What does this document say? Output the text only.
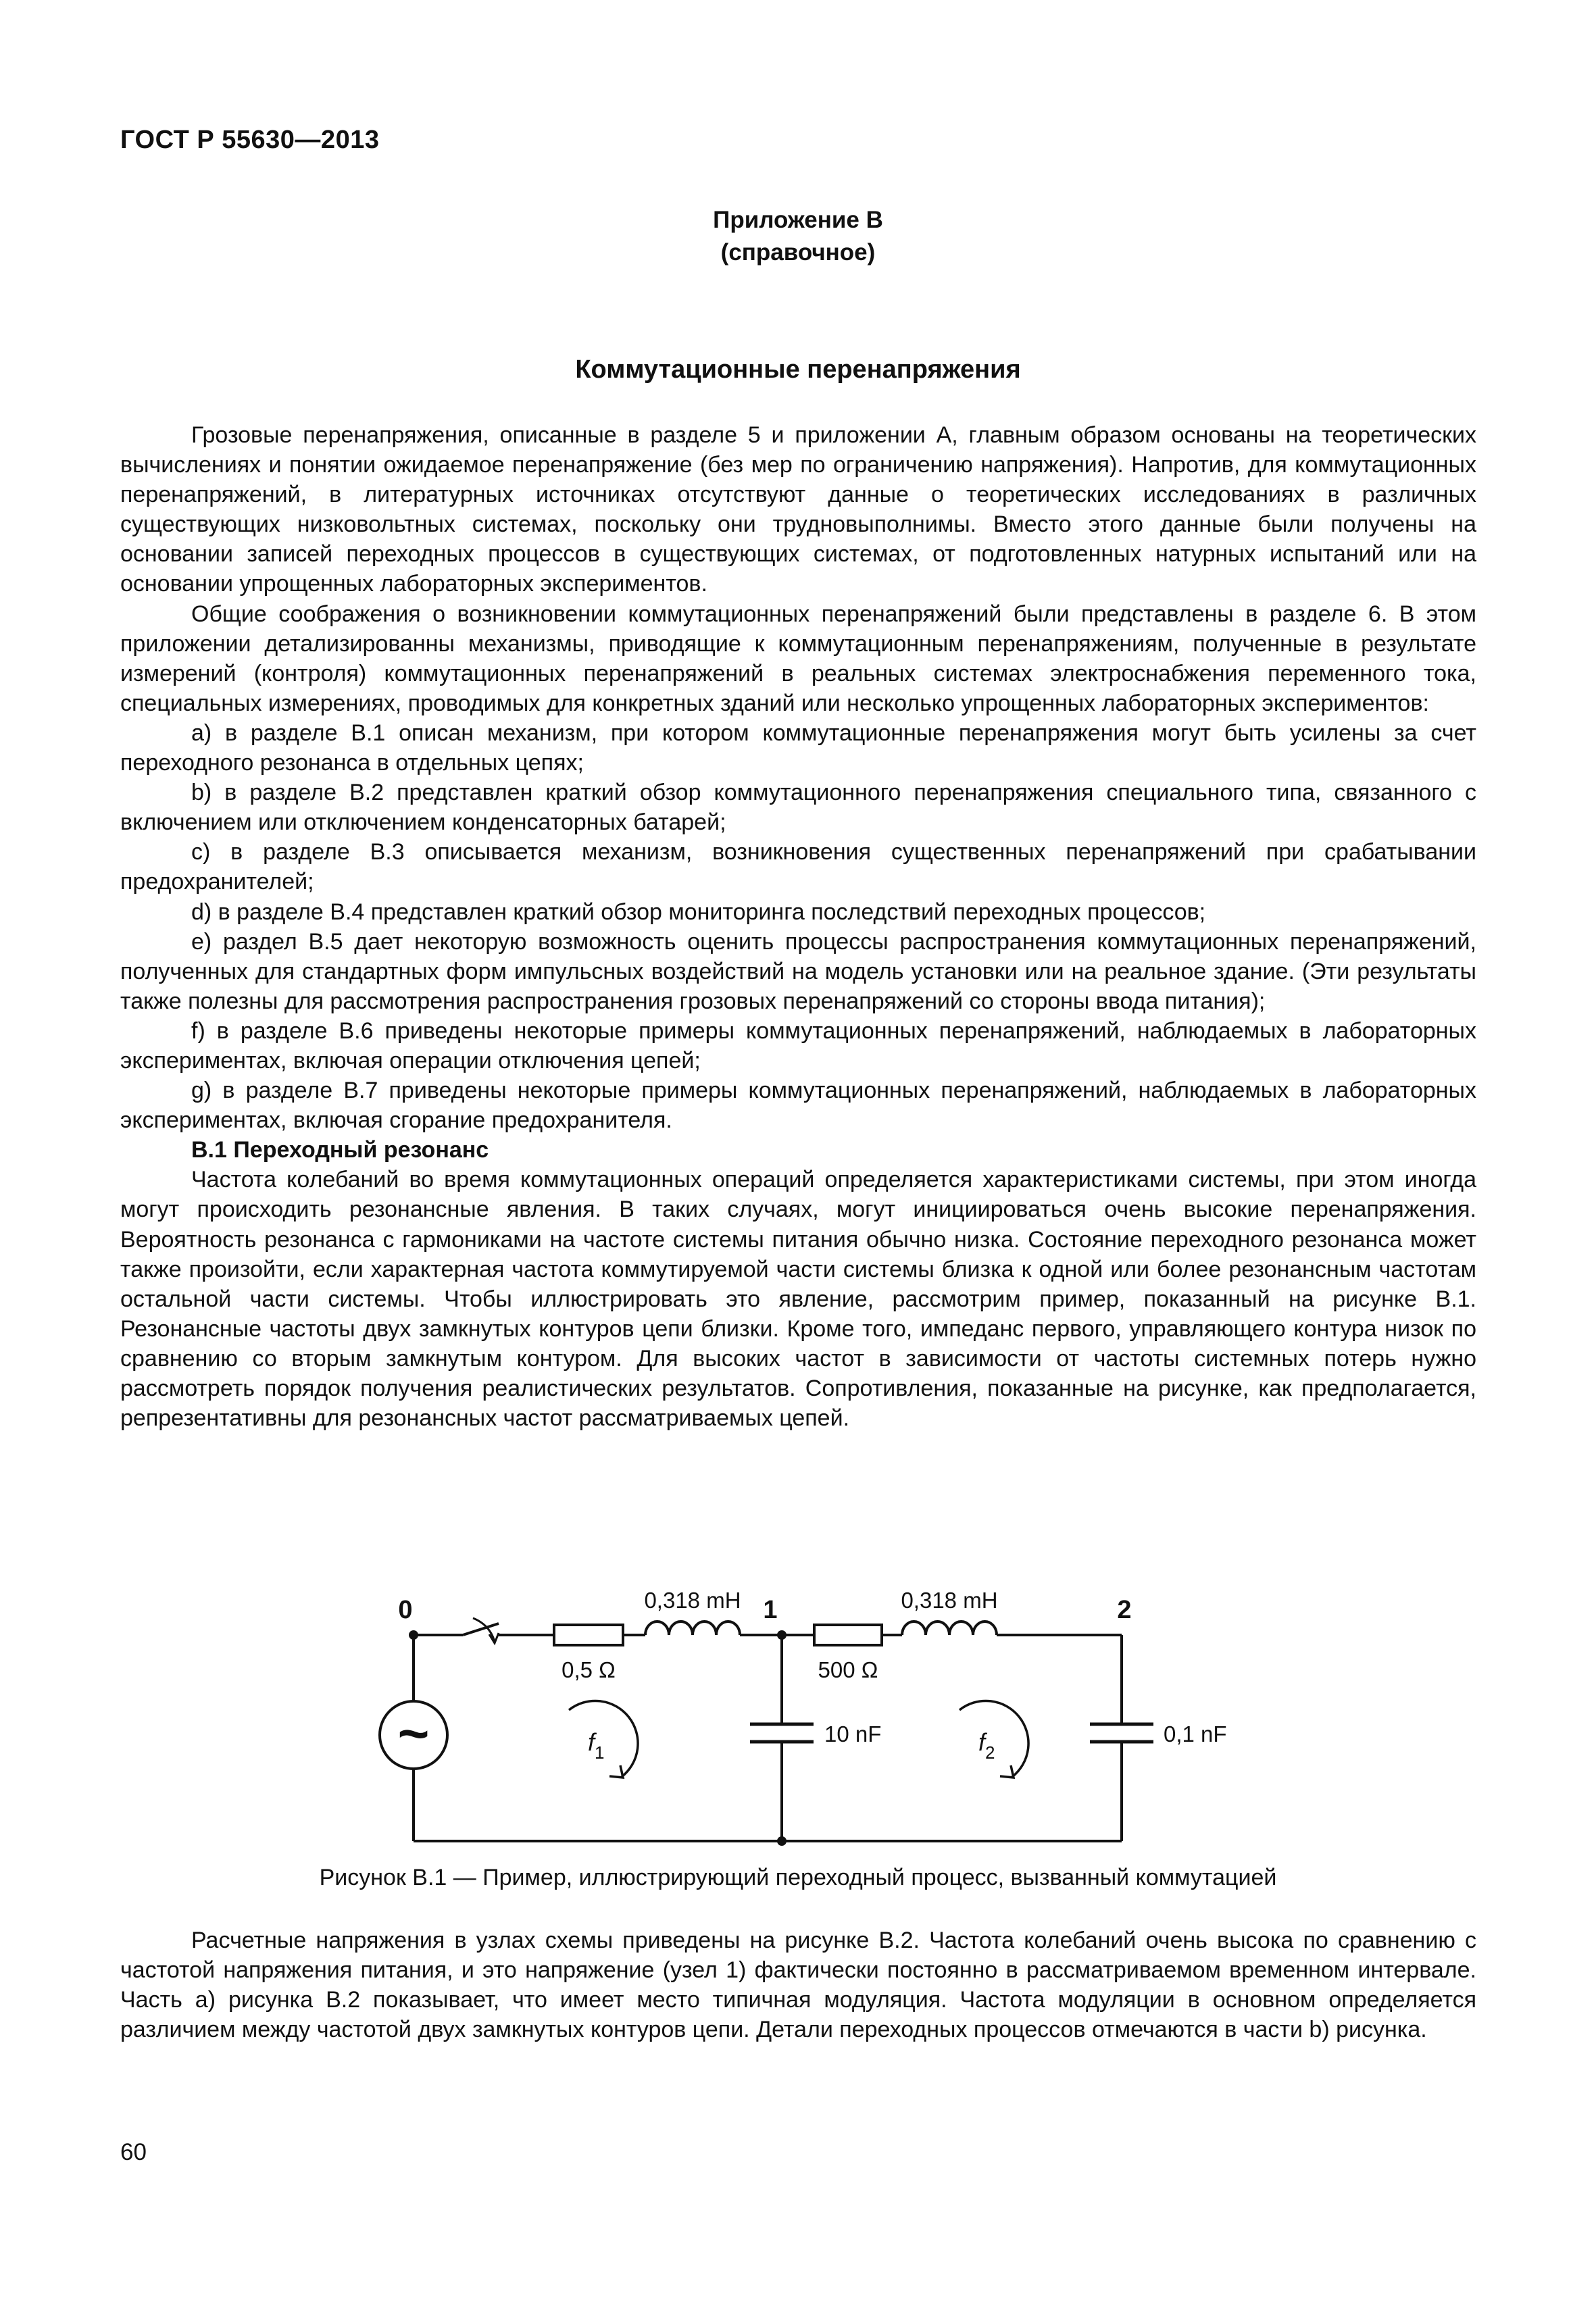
ГОСТ Р 55630—2013
Приложение В
(справочное)
Коммутационные перенапряжения

Грозовые перенапряжения, описанные в разделе 5 и приложении А, главным образом основаны на теоретических вычислениях и понятии ожидаемое перенапряжение (без мер по ограничению напряжения). Напротив, для коммутационных перенапряжений, в литературных источниках отсутствуют данные о теоретических исследованиях в различных существующих низковольтных системах, поскольку они трудновыполнимы. Вместо этого данные были получены на основании записей переходных процессов в существующих системах, от подготовленных натурных испытаний или на основании упрощенных лабораторных экспериментов.

Общие соображения о возникновении коммутационных перенапряжений были представлены в разделе 6. В этом приложении детализированны механизмы, приводящие к коммутационным перенапряжениям, полученные в результате измерений (контроля) коммутационных перенапряжений в реальных системах электроснабжения переменного тока, специальных измерениях, проводимых для конкретных зданий или несколько упрощенных лабораторных экспериментов:

a) в разделе В.1 описан механизм, при котором коммутационные перенапряжения могут быть усилены за счет переходного резонанса в отдельных цепях;

b) в разделе В.2 представлен краткий обзор коммутационного перенапряжения специального типа, связанного с включением или отключением конденсаторных батарей;

c) в разделе В.3 описывается механизм, возникновения существенных перенапряжений при срабатывании предохранителей;

d) в разделе В.4 представлен краткий обзор мониторинга последствий переходных процессов;

e) раздел В.5 дает некоторую возможность оценить процессы распространения коммутационных перенапряжений, полученных для стандартных форм импульсных воздействий на модель установки или на реальное здание. (Эти результаты также полезны для рассмотрения распространения грозовых перенапряжений со стороны ввода питания);

f) в разделе В.6 приведены некоторые примеры коммутационных перенапряжений, наблюдаемых в лабораторных экспериментах, включая операции отключения цепей;

g) в разделе В.7 приведены некоторые примеры коммутационных перенапряжений, наблюдаемых в лабораторных экспериментах, включая сгорание предохранителя.

В.1 Переходный резонанс

Частота колебаний во время коммутационных операций определяется характеристиками системы, при этом иногда могут происходить резонансные явления. В таких случаях, могут инициироваться очень высокие перенапряжения. Вероятность резонанса с гармониками на частоте системы питания обычно низка. Состояние переходного резонанса может также произойти, если характерная частота коммутируемой части системы близка к одной или более резонансным частотам остальной части системы. Чтобы иллюстрировать это явление, рассмотрим пример, показанный на рисунке В.1. Резонансные частоты двух замкнутых контуров цепи близки. Кроме того, импеданс первого, управляющего контура низок по сравнению со вторым замкнутым контуром. Для высоких частот в зависимости от частоты системных потерь нужно рассмотреть порядок получения реалистических результатов. Сопротивления, показанные на рисунке, как предполагается, репрезентативны для резонансных частот рассматриваемых цепей.

~
0	1	2
0,318 mH	0,318 mH
0,5 Ω	500 Ω
10 nF	0,1 nF
$f_1$	$f_2$
Рисунок В.1 — Пример, иллюстрирующий переходный процесс, вызванный коммутацией

Расчетные напряжения в узлах схемы приведены на рисунке В.2. Частота колебаний очень высока по сравнению с частотой напряжения питания, и это напряжение (узел 1) фактически постоянно в рассматриваемом временном интервале. Часть a) рисунка В.2 показывает, что имеет место типичная модуляция. Частота модуляции в основном определяется различием между частотой двух замкнутых контуров цепи. Детали переходных процессов отмечаются в части b) рисунка.

60
